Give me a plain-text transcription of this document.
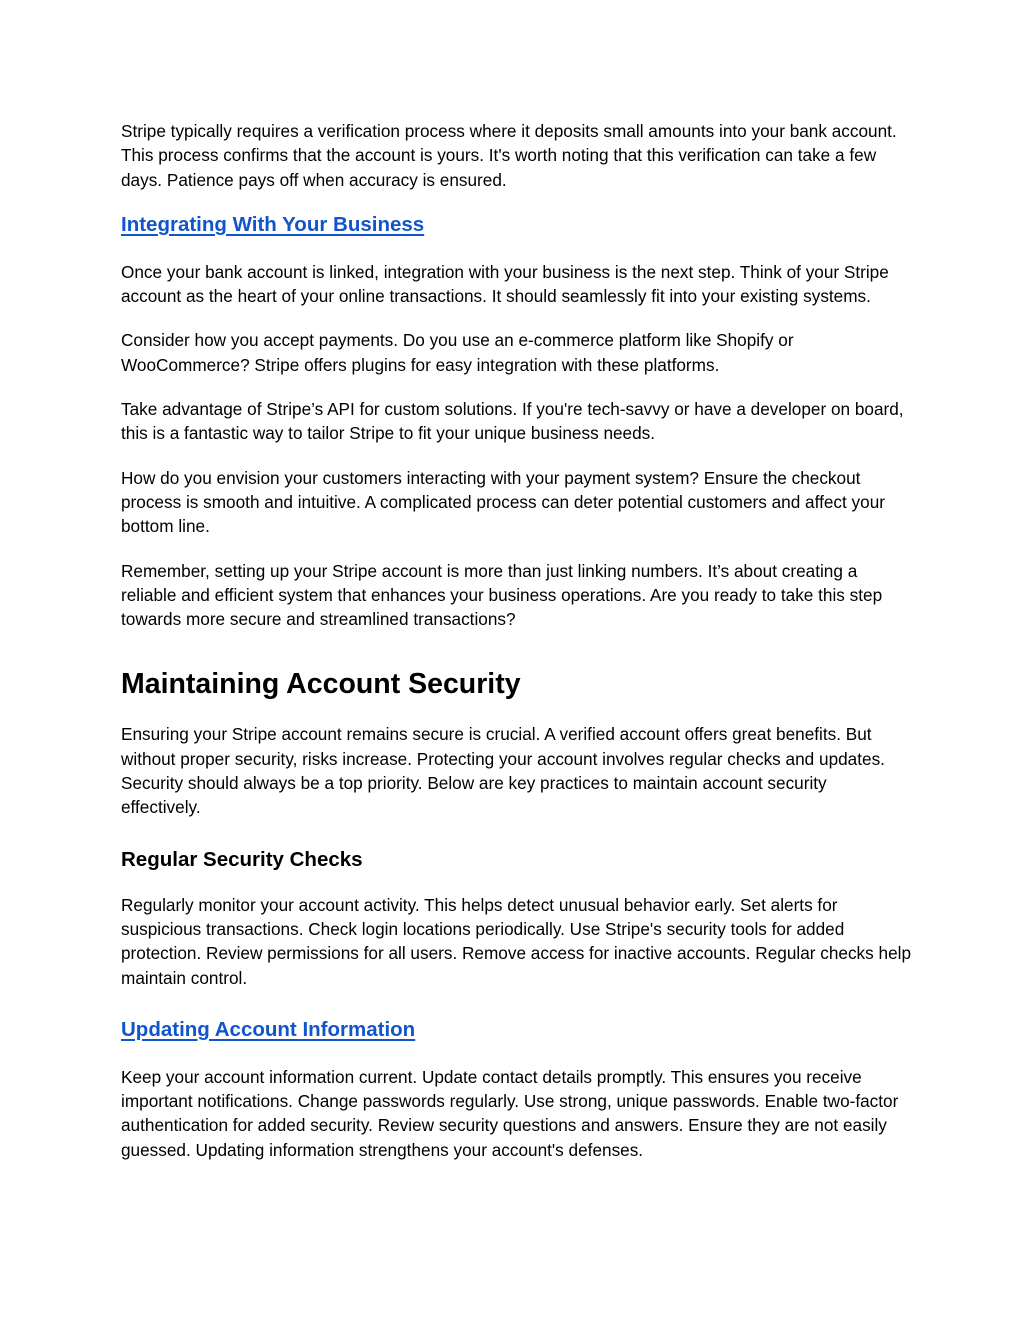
Stripe typically requires a verification process where it deposits small amounts into your bank account. This process confirms that the account is yours. It's worth noting that this verification can take a few days. Patience pays off when accuracy is ensured.

Integrating With Your Business

Once your bank account is linked, integration with your business is the next step. Think of your Stripe account as the heart of your online transactions. It should seamlessly fit into your existing systems.

Consider how you accept payments. Do you use an e-commerce platform like Shopify or WooCommerce? Stripe offers plugins for easy integration with these platforms.

Take advantage of Stripe’s API for custom solutions. If you're tech-savvy or have a developer on board, this is a fantastic way to tailor Stripe to fit your unique business needs.

How do you envision your customers interacting with your payment system? Ensure the checkout process is smooth and intuitive. A complicated process can deter potential customers and affect your bottom line.

Remember, setting up your Stripe account is more than just linking numbers. It’s about creating a reliable and efficient system that enhances your business operations. Are you ready to take this step towards more secure and streamlined transactions?

Maintaining Account Security

Ensuring your Stripe account remains secure is crucial. A verified account offers great benefits. But without proper security, risks increase. Protecting your account involves regular checks and updates. Security should always be a top priority. Below are key practices to maintain account security effectively.

Regular Security Checks

Regularly monitor your account activity. This helps detect unusual behavior early. Set alerts for suspicious transactions. Check login locations periodically. Use Stripe's security tools for added protection. Review permissions for all users. Remove access for inactive accounts. Regular checks help maintain control.

Updating Account Information

Keep your account information current. Update contact details promptly. This ensures you receive important notifications. Change passwords regularly. Use strong, unique passwords. Enable two-factor authentication for added security. Review security questions and answers. Ensure they are not easily guessed. Updating information strengthens your account's defenses.
